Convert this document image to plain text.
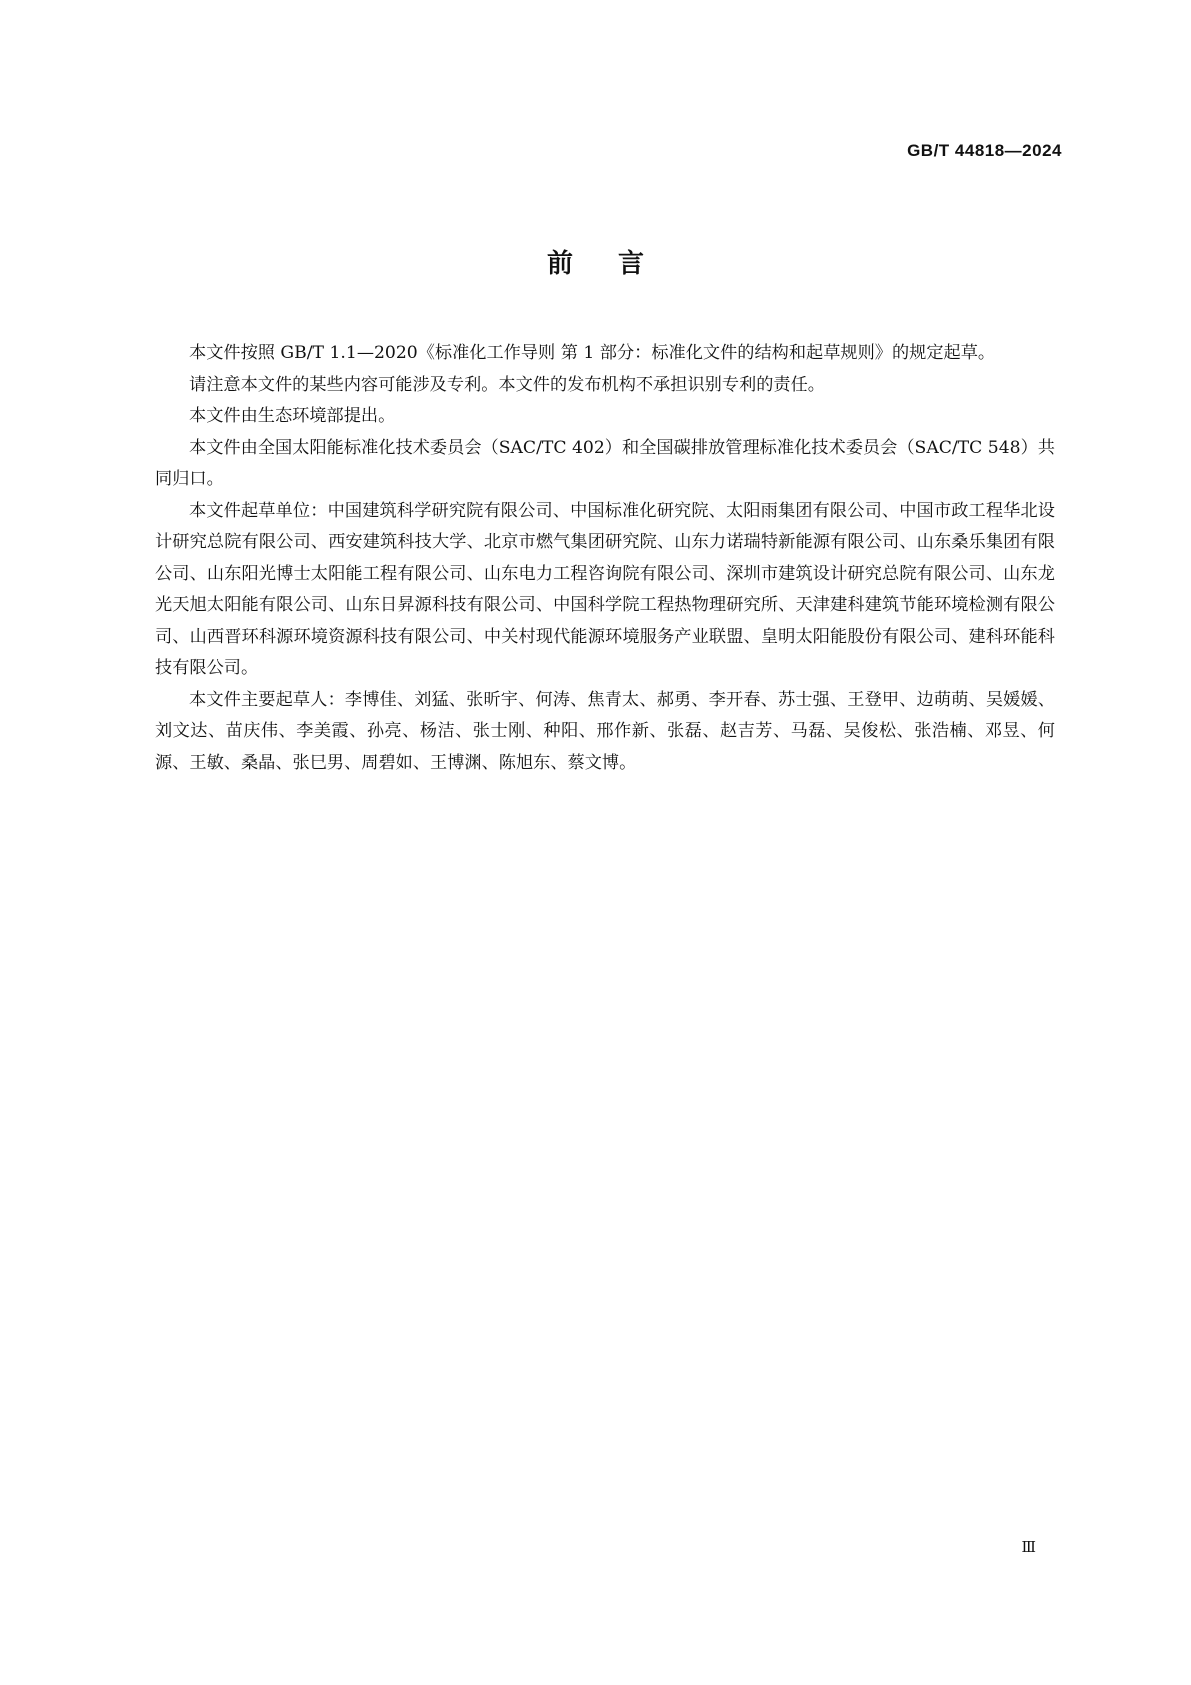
GB/T 44818—2024
前言

本文件按照 GB/T 1.1—2020《标准化工作导则 第 1 部分：标准化文件的结构和起草规则》的规定起草。

请注意本文件的某些内容可能涉及专利。本文件的发布机构不承担识别专利的责任。

本文件由生态环境部提出。

本文件由全国太阳能标准化技术委员会（SAC/TC 402）和全国碳排放管理标准化技术委员会（SAC/TC 548）共同归口。

本文件起草单位：中国建筑科学研究院有限公司、中国标准化研究院、太阳雨集团有限公司、中国市政工程华北设计研究总院有限公司、西安建筑科技大学、北京市燃气集团研究院、山东力诺瑞特新能源有限公司、山东桑乐集团有限公司、山东阳光博士太阳能工程有限公司、山东电力工程咨询院有限公司、深圳市建筑设计研究总院有限公司、山东龙光天旭太阳能有限公司、山东日昇源科技有限公司、中国科学院工程热物理研究所、天津建科建筑节能环境检测有限公司、山西晋环科源环境资源科技有限公司、中关村现代能源环境服务产业联盟、皇明太阳能股份有限公司、建科环能科技有限公司。

本文件主要起草人：李博佳、刘猛、张昕宇、何涛、焦青太、郝勇、李开春、苏士强、王登甲、边萌萌、吴媛媛、刘文达、苗庆伟、李美霞、孙亮、杨洁、张士刚、种阳、邢作新、张磊、赵吉芳、马磊、吴俊松、张浩楠、邓昱、何源、王敏、桑晶、张巳男、周碧如、王博渊、陈旭东、蔡文博。

Ⅲ
